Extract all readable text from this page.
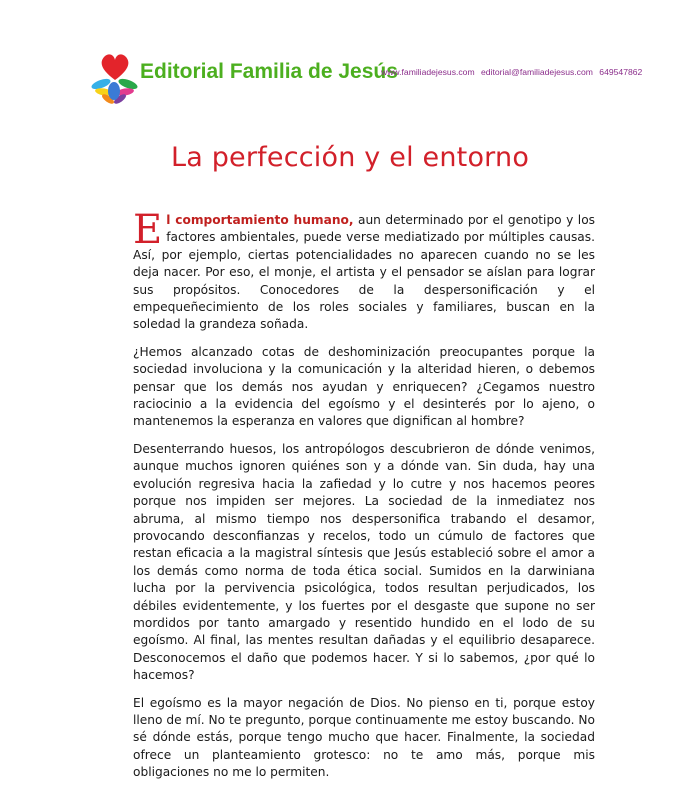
Editorial Familia de Jesús
www.familiadejesus.com editorial@familiadejesus.com 649547862
La perfección y el entorno

El comportamiento humano, aun determinado por el genotipo y los factores ambientales, puede verse mediatizado por múltiples causas. Así, por ejemplo, ciertas potencialidades no aparecen cuando no se les deja nacer. Por eso, el monje, el artista y el pensador se aíslan para lograr sus propósitos. Conocedores de la despersonificación y el empequeñecimiento de los roles sociales y familiares, buscan en la soledad la grandeza soñada.

¿Hemos alcanzado cotas de deshominización preocupantes porque la sociedad involuciona y la comunicación y la alteridad hieren, o debemos pensar que los demás nos ayudan y enriquecen? ¿Cegamos nuestro raciocinio a la evidencia del egoísmo y el desinterés por lo ajeno, o mantenemos la esperanza en valores que dignifican al hombre?

Desenterrando huesos, los antropólogos descubrieron de dónde venimos, aunque muchos ignoren quiénes son y a dónde van. Sin duda, hay una evolución regresiva hacia la zafiedad y lo cutre y nos hacemos peores porque nos impiden ser mejores. La sociedad de la inmediatez nos abruma, al mismo tiempo nos despersonifica trabando el desamor, provocando desconfianzas y recelos, todo un cúmulo de factores que restan eficacia a la magistral síntesis que Jesús estableció sobre el amor a los demás como norma de toda ética social. Sumidos en la darwiniana lucha por la pervivencia psicológica, todos resultan perjudicados, los débiles evidentemente, y los fuertes por el desgaste que supone no ser mordidos por tanto amargado y resentido hundido en el lodo de su egoísmo. Al final, las mentes resultan dañadas y el equilibrio desaparece. Desconocemos el daño que podemos hacer. Y si lo sabemos, ¿por qué lo hacemos?

El egoísmo es la mayor negación de Dios. No pienso en ti, porque estoy lleno de mí. No te pregunto, porque continuamente me estoy buscando. No sé dónde estás, porque tengo mucho que hacer. Finalmente, la sociedad ofrece un planteamiento grotesco: no te amo más, porque mis obligaciones no me lo permiten.
